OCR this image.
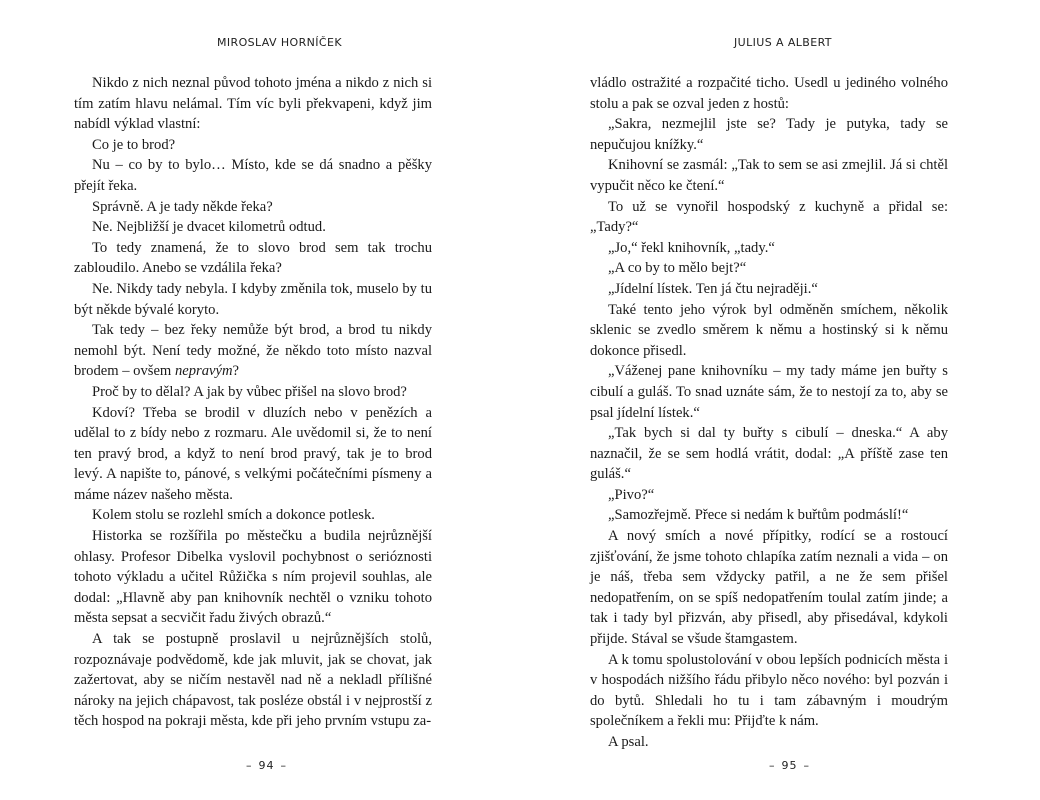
MIROSLAV HORNÍČEK

Nikdo z nich neznal původ tohoto jména a nikdo z nich si tím zatím hlavu nelámal. Tím víc byli překvapeni, když jim nabídl výklad vlastní:

Co je to brod?

Nu – co by to bylo… Místo, kde se dá snadno a pěšky přejít řeka.

Správně. A je tady někde řeka?

Ne. Nejbližší je dvacet kilometrů odtud.

To tedy znamená, že to slovo brod sem tak trochu zabloudilo. Anebo se vzdálila řeka?

Ne. Nikdy tady nebyla. I kdyby změnila tok, muselo by tu být někde bývalé koryto.

Tak tedy – bez řeky nemůže být brod, a brod tu nikdy nemohl být. Není tedy možné, že někdo toto místo nazval brodem – ovšem nepravým?

Proč by to dělal? A jak by vůbec přišel na slovo brod?

Kdoví? Třeba se brodil v dluzích nebo v penězích a udělal to z bídy nebo z rozmaru. Ale uvědomil si, že to není ten pravý brod, a když to není brod pravý, tak je to brod levý. A napište to, pánové, s velkými počátečními písmeny a máme název našeho města.

Kolem stolu se rozlehl smích a dokonce potlesk.

Historka se rozšířila po městečku a budila nejrůznější ohlasy. Profesor Dibelka vyslovil pochybnost o serióznosti tohoto výkladu a učitel Růžička s ním projevil souhlas, ale dodal: „Hlavně aby pan knihovník nechtěl o vzniku tohoto města sepsat a secvičit řadu živých obrazů.“

A tak se postupně proslavil u nejrůznějších stolů, rozpoznávaje podvědomě, kde jak mluvit, jak se chovat, jak zažertovat, aby se ničím nestavěl nad ně a nekladl přílišné nároky na jejich chápavost, tak posléze obstál i v nejprostší z těch hospod na pokraji města, kde při jeho prvním vstupu za-

– 94 –
JULIUS A ALBERT

vládlo ostražité a rozpačité ticho. Usedl u jediného volného stolu a pak se ozval jeden z hostů:

„Sakra, nezmejlil jste se? Tady je putyka, tady se nepučujou knížky.“

Knihovní se zasmál: „Tak to sem se asi zmejlil. Já si chtěl vypučit něco ke čtení.“

To už se vynořil hospodský z kuchyně a přidal se: „Tady?“

„Jo,“ řekl knihovník, „tady.“

„A co by to mělo bejt?“

„Jídelní lístek. Ten já čtu nejraději.“

Také tento jeho výrok byl odměněn smíchem, několik sklenic se zvedlo směrem k němu a hostinský si k němu dokonce přisedl.

„Váženej pane knihovníku – my tady máme jen buřty s cibulí a guláš. To snad uznáte sám, že to nestojí za to, aby se psal jídelní lístek.“

„Tak bych si dal ty buřty s cibulí – dneska.“ A aby naznačil, že se sem hodlá vrátit, dodal: „A příště zase ten guláš.“

„Pivo?“

„Samozřejmě. Přece si nedám k buřtům podmáslí!“

A nový smích a nové přípitky, rodící se a rostoucí zjišťování, že jsme tohoto chlapíka zatím neznali a vida – on je náš, třeba sem vždycky patřil, a ne že sem přišel nedopatřením, on se spíš nedopatřením toulal zatím jinde; a tak i tady byl přizván, aby přisedl, aby přisedával, kdykoli přijde. Stával se všude štamgastem.

A k tomu spolustolování v obou lepších podnicích města i v hospodách nižšího řádu přibylo něco nového: byl pozván i do bytů. Shledali ho tu i tam zábavným i moudrým společníkem a řekli mu: Přijďte k nám.

A psal.

– 95 –
